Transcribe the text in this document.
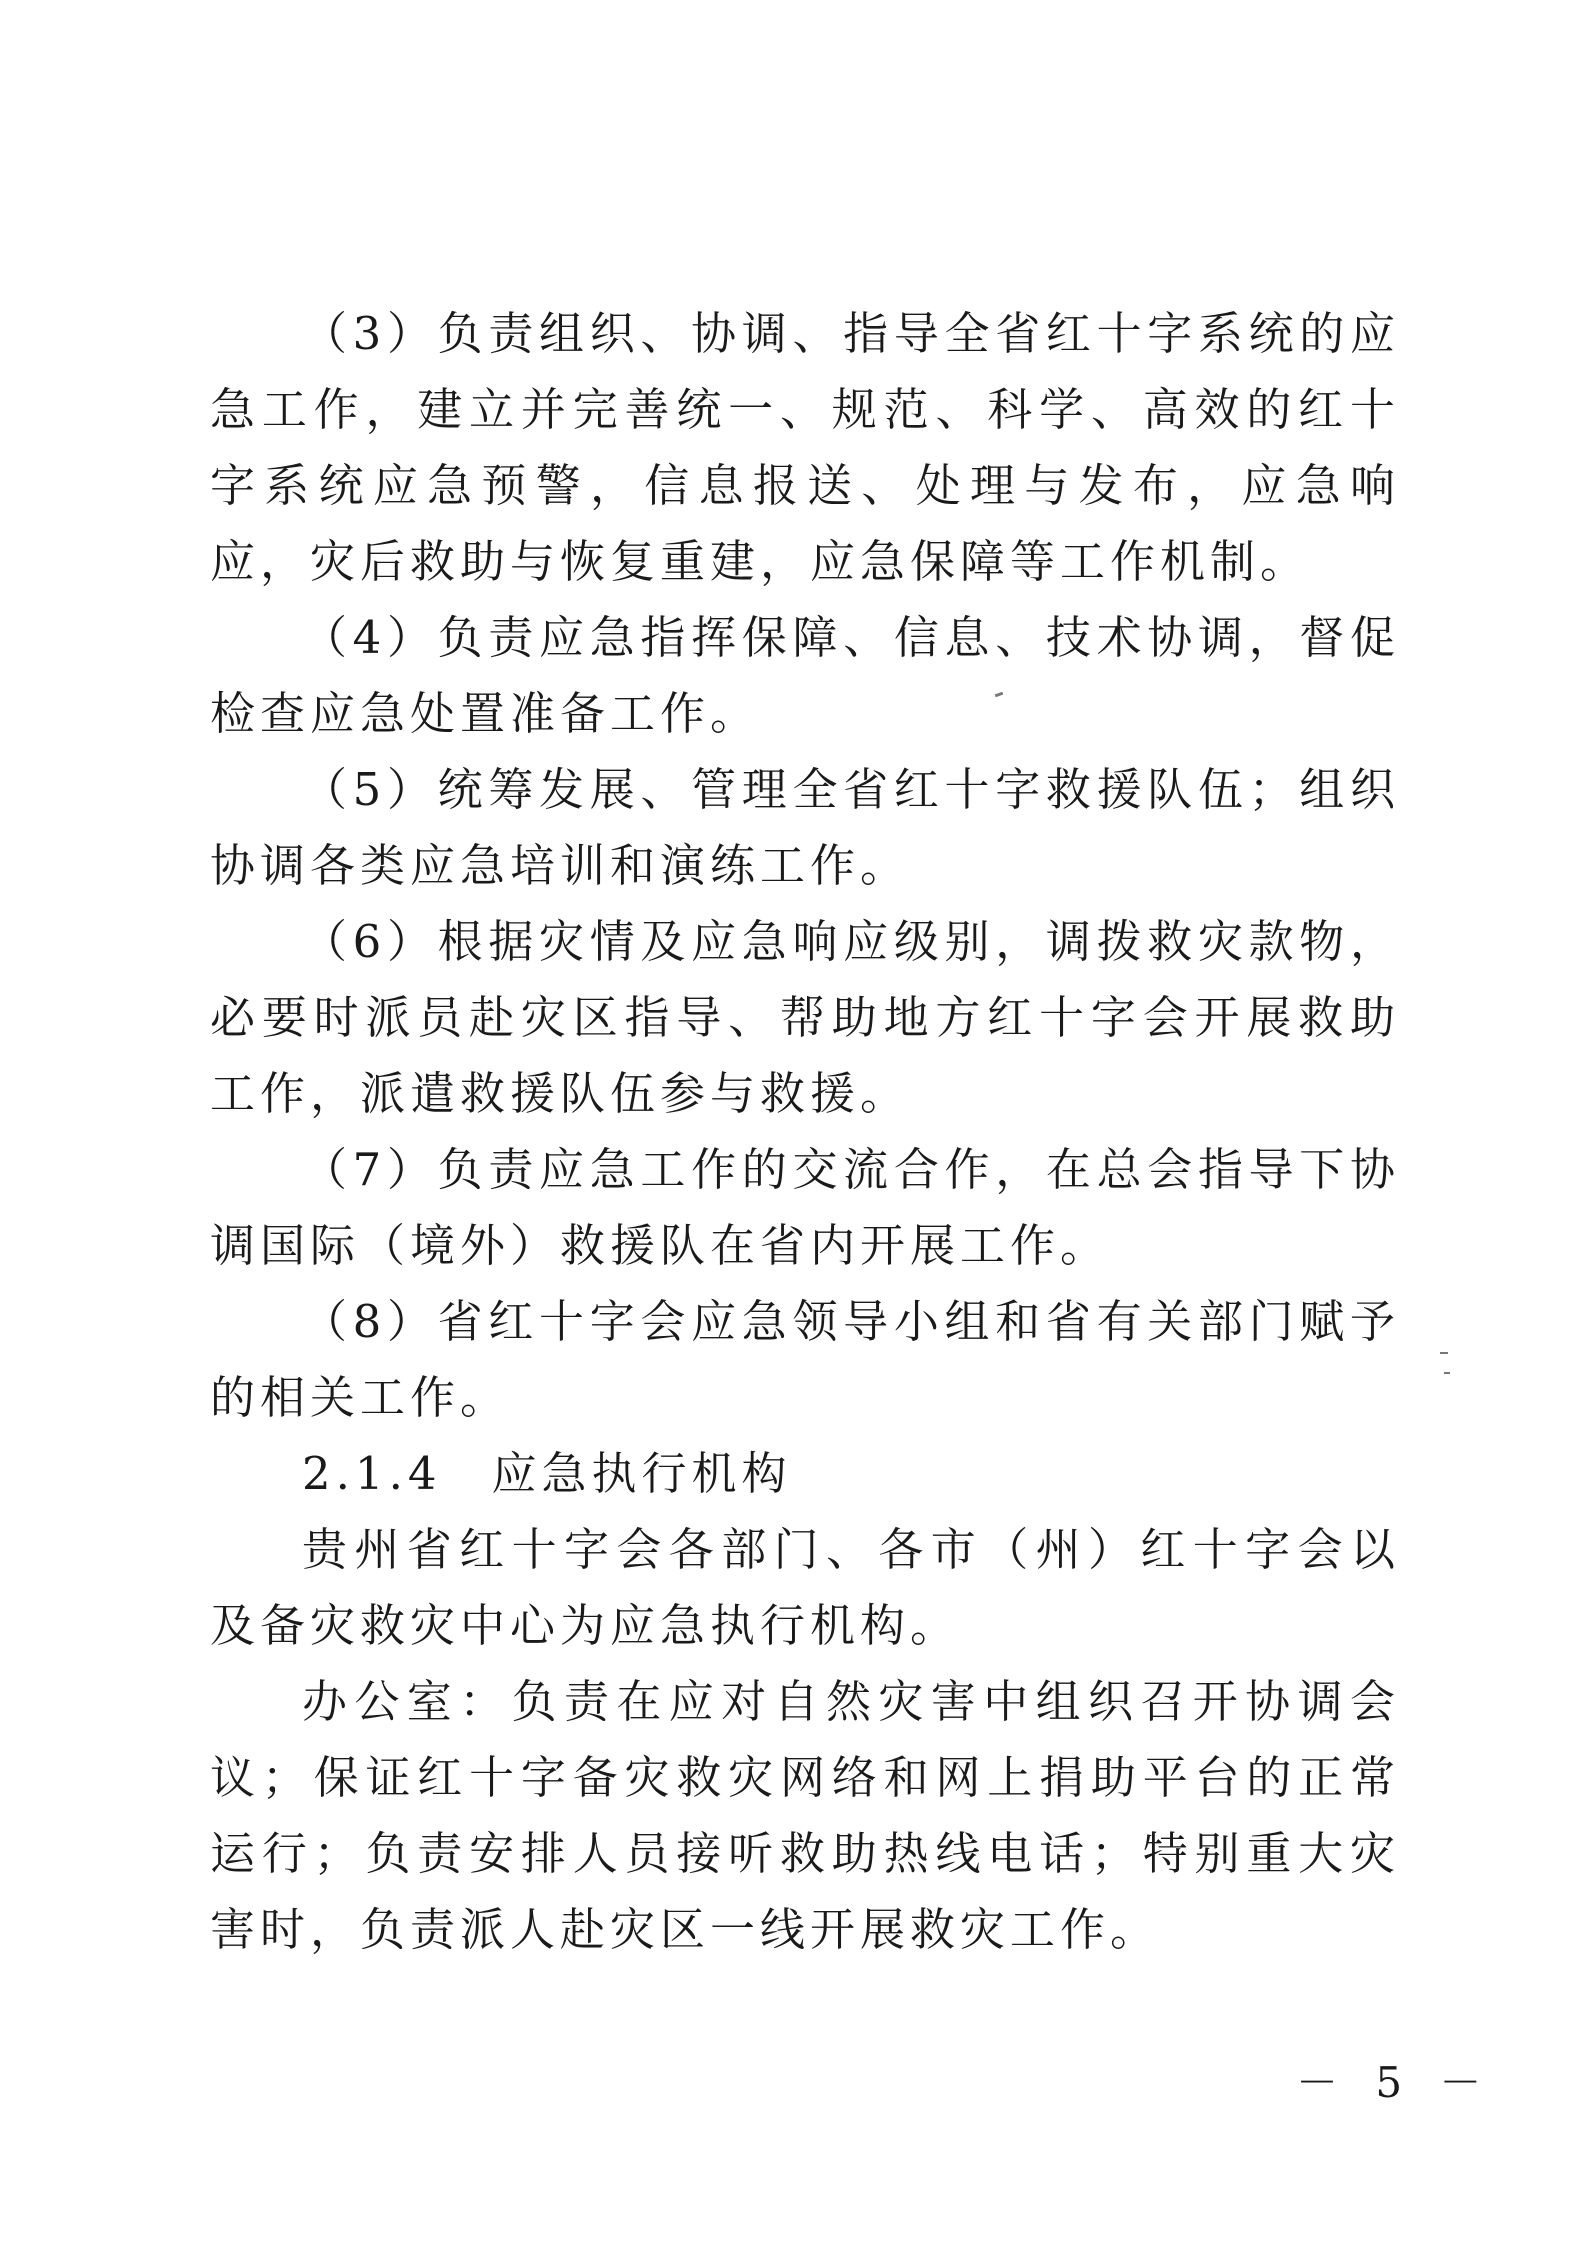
（3）负责组织、协调、指导全省红十字系统的应急工作，建立并完善统一、规范、科学、高效的红十字系统应急预警，信息报送、处理与发布，应急响应，灾后救助与恢复重建，应急保障等工作机制。

（4）负责应急指挥保障、信息、技术协调，督促检查应急处置准备工作。

（5）统筹发展、管理全省红十字救援队伍；组织协调各类应急培训和演练工作。

（6）根据灾情及应急响应级别，调拨救灾款物，必要时派员赴灾区指导、帮助地方红十字会开展救助工作，派遣救援队伍参与救援。

（7）负责应急工作的交流合作，在总会指导下协调国际（境外）救援队在省内开展工作。

（8）省红十字会应急领导小组和省有关部门赋予的相关工作。

2.1.4　应急执行机构

贵州省红十字会各部门、各市（州）红十字会以及备灾救灾中心为应急执行机构。

办公室：负责在应对自然灾害中组织召开协调会议；保证红十字备灾救灾网络和网上捐助平台的正常运行；负责安排人员接听救助热线电话；特别重大灾害时，负责派人赴灾区一线开展救灾工作。

－ 5 －
